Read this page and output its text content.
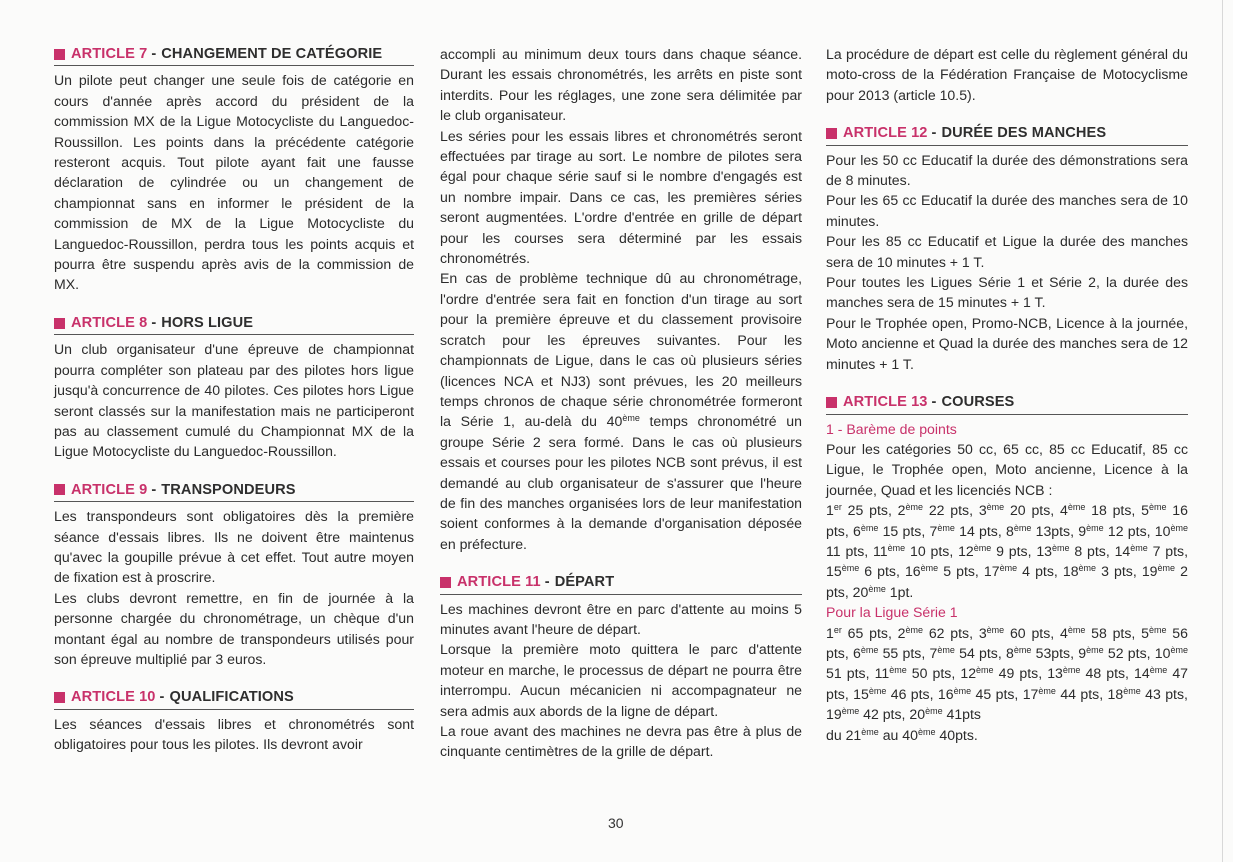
ARTICLE 7 - CHANGEMENT DE CATÉGORIE

Un pilote peut changer une seule fois de catégorie en cours d'année après accord du président de la commission MX de la Ligue Motocycliste du Languedoc-Roussillon. Les points dans la précédente catégorie resteront acquis. Tout pilote ayant fait une fausse déclaration de cylindrée ou un changement de championnat sans en informer le président de la commission de MX de la Ligue Motocycliste du Languedoc-Roussillon, perdra tous les points acquis et pourra être suspendu après avis de la commission de MX.

ARTICLE 8 - HORS LIGUE

Un club organisateur d'une épreuve de championnat pourra compléter son plateau par des pilotes hors ligue jusqu'à concurrence de 40 pilotes. Ces pilotes hors Ligue seront classés sur la manifestation mais ne participeront pas au classement cumulé du Championnat MX de la Ligue Motocycliste du Languedoc-Roussillon.

ARTICLE 9 - TRANSPONDEURS

Les transpondeurs sont obligatoires dès la première séance d'essais libres. Ils ne doivent être maintenus qu'avec la goupille prévue à cet effet. Tout autre moyen de fixation est à proscrire.

Les clubs devront remettre, en fin de journée à la personne chargée du chronométrage, un chèque d'un montant égal au nombre de transpondeurs utilisés pour son épreuve multiplié par 3 euros.

ARTICLE 10 - QUALIFICATIONS

Les séances d'essais libres et chronométrés sont obligatoires pour tous les pilotes. Ils devront avoir

accompli au minimum deux tours dans chaque séance. Durant les essais chronométrés, les arrêts en piste sont interdits. Pour les réglages, une zone sera délimitée par le club organisateur.

Les séries pour les essais libres et chronométrés seront effectuées par tirage au sort. Le nombre de pilotes sera égal pour chaque série sauf si le nombre d'engagés est un nombre impair. Dans ce cas, les premières séries seront augmentées. L'ordre d'entrée en grille de départ pour les courses sera déterminé par les essais chronométrés.

En cas de problème technique dû au chronométrage, l'ordre d'entrée sera fait en fonction d'un tirage au sort pour la première épreuve et du classement provisoire scratch pour les épreuves suivantes. Pour les championnats de Ligue, dans le cas où plusieurs séries (licences NCA et NJ3) sont prévues, les 20 meilleurs temps chronos de chaque série chronométrée formeront la Série 1, au-delà du 40ème temps chronométré un groupe Série 2 sera formé. Dans le cas où plusieurs essais et courses pour les pilotes NCB sont prévus, il est demandé au club organisateur de s'assurer que l'heure de fin des manches organisées lors de leur manifestation soient conformes à la demande d'organisation déposée en préfecture.

ARTICLE 11 - DÉPART

Les machines devront être en parc d'attente au moins 5 minutes avant l'heure de départ.

Lorsque la première moto quittera le parc d'attente moteur en marche, le processus de départ ne pourra être interrompu. Aucun mécanicien ni accompagnateur ne sera admis aux abords de la ligne de départ.

La roue avant des machines ne devra pas être à plus de cinquante centimètres de la grille de départ.

La procédure de départ est celle du règlement général du moto-cross de la Fédération Française de Motocyclisme pour 2013 (article 10.5).

ARTICLE 12 - DURÉE DES MANCHES

Pour les 50 cc Educatif la durée des démonstrations sera de 8 minutes.

Pour les 65 cc Educatif la durée des manches sera de 10 minutes.

Pour les 85 cc Educatif et Ligue la durée des manches sera de 10 minutes + 1 T.

Pour toutes les Ligues Série 1 et Série 2, la durée des manches sera de 15 minutes + 1 T.

Pour le Trophée open, Promo-NCB, Licence à la journée, Moto ancienne et Quad la durée des manches sera de 12 minutes + 1 T.

ARTICLE 13 - COURSES

1 - Barème de points

Pour les catégories 50 cc, 65 cc, 85 cc Educatif, 85 cc Ligue, le Trophée open, Moto ancienne, Licence à la journée, Quad et les licenciés NCB :

1er 25 pts, 2ème 22 pts, 3ème 20 pts, 4ème 18 pts, 5ème 16 pts, 6ème 15 pts, 7ème 14 pts, 8ème 13pts, 9ème 12 pts, 10ème 11 pts, 11ème 10 pts, 12ème 9 pts, 13ème 8 pts, 14ème 7 pts, 15ème 6 pts, 16ème 5 pts, 17ème 4 pts, 18ème 3 pts, 19ème 2 pts, 20ème 1pt.

Pour la Ligue Série 1

1er 65 pts, 2ème 62 pts, 3ème 60 pts, 4ème 58 pts, 5ème 56 pts, 6ème 55 pts, 7ème 54 pts, 8ème 53pts, 9ème 52 pts, 10ème 51 pts, 11ème 50 pts, 12ème 49 pts, 13ème 48 pts, 14ème 47 pts, 15ème 46 pts, 16ème 45 pts, 17ème 44 pts, 18ème 43 pts, 19ème 42 pts, 20ème 41pts

du 21ème au 40ème 40pts.

30
